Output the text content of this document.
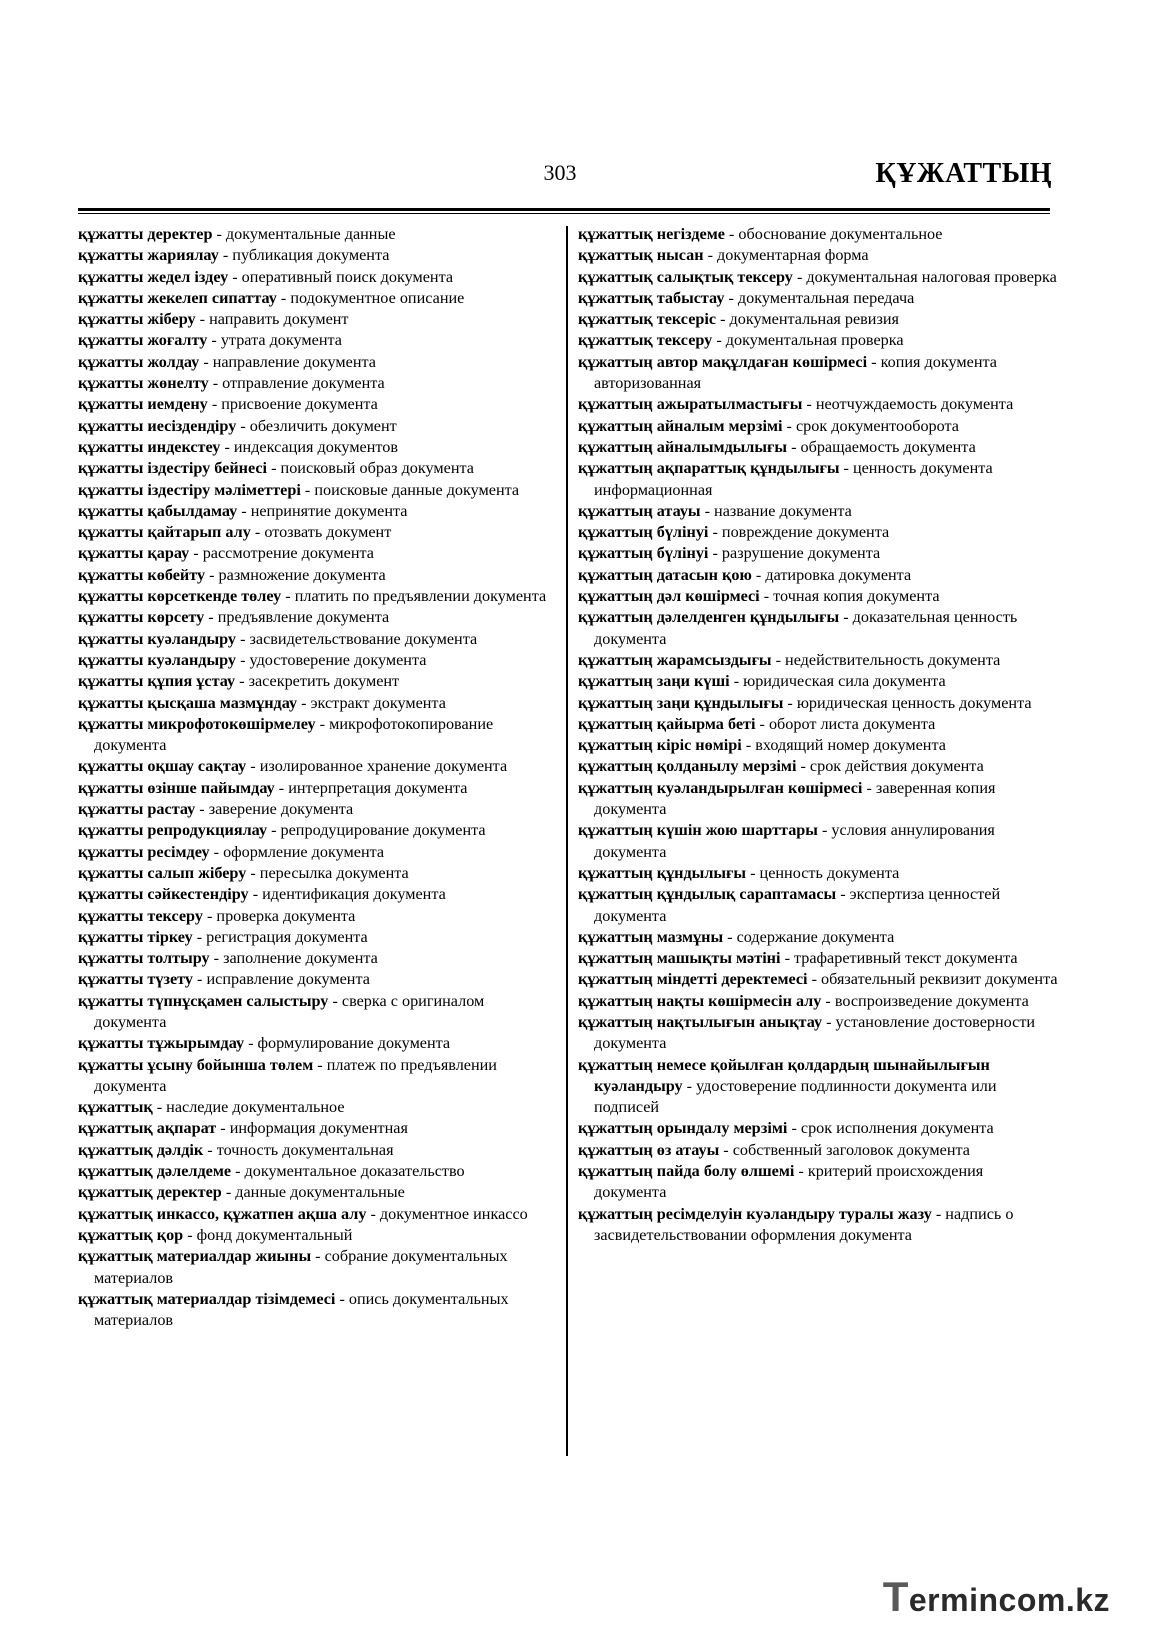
303	ҚҰЖАТТЫҢ

құжатты деректер - документальные данные

құжатты жариялау - публикация документа

құжатты жедел іздеу - оперативный поиск документа

құжатты жекелеп сипаттау - подокументное описание

құжатты жіберу - направить документ

құжатты жоғалту - утрата документа

құжатты жолдау - направление документа

құжатты жөнелту - отправление документа

құжатты иемдену - присвоение документа

құжатты иесіздендіру - обезличить документ

құжатты индекстеу - индексация документов

құжатты іздестіру бейнесі - поисковый образ документа

құжатты іздестіру мәліметтері - поисковые данные документа

құжатты қабылдамау - непринятие документа

құжатты қайтарып алу - отозвать документ

құжатты қарау - рассмотрение документа

құжатты көбейту - размножение документа

құжатты көрсеткенде төлеу - платить по предъявлении документа

құжатты көрсету - предъявление документа

құжатты куәландыру - засвидетельствование документа

құжатты куәландыру - удостоверение документа

құжатты құпия ұстау - засекретить документ

құжатты қысқаша мазмұндау - экстракт документа

құжатты микрофотокөшірмелеу - микрофотокопирование документа

құжатты оқшау сақтау - изолированное хранение документа

құжатты өзінше пайымдау - интерпретация документа

құжатты растау - заверение документа

құжатты репродукциялау - репродуцирование документа

құжатты ресімдеу - оформление документа

құжатты салып жіберу - пересылка документа

құжатты сәйкестендіру - идентификация документа

құжатты тексеру - проверка документа

құжатты тіркеу - регистрация документа

құжатты толтыру - заполнение документа

құжатты түзету - исправление документа

құжатты түпнұсқамен салыстыру - сверка с оригиналом документа

құжатты тұжырымдау - формулирование документа

құжатты ұсыну бойынша төлем - платеж по предъявлении документа

құжаттық - наследие документальное

құжаттық ақпарат - информация документная

құжаттық дәлдік - точность документальная

құжаттық дәлелдеме - документальное доказательство

құжаттық деректер - данные документальные

құжаттық инкассо, құжатпен ақша алу - документное инкассо

құжаттық қор - фонд документальный

құжаттық материалдар жиыны - собрание документальных материалов

құжаттық материалдар тізімдемесі - опись документальных материалов

құжаттық негіздеме - обоснование документальное

құжаттық нысан - документарная форма

құжаттық салықтық тексеру - документальная налоговая проверка

құжаттық табыстау - документальная передача

құжаттық тексеріс - документальная ревизия

құжаттық тексеру - документальная проверка

құжаттың автор мақұлдаған көшірмесі - копия документа авторизованная

құжаттың ажыратылмастығы - неотчуждаемость документа

құжаттың айналым мерзімі - срок документооборота

құжаттың айналымдылығы - обращаемость документа

құжаттың ақпараттық құндылығы - ценность документа информационная

құжаттың атауы - название документа

құжаттың бүлінуі - повреждение документа

құжаттың бүлінуі - разрушение документа

құжаттың датасын қою - датировка документа

құжаттың дәл көшірмесі - точная копия документа

құжаттың дәлелденген құндылығы - доказательная ценность документа

құжаттың жарамсыздығы - недействительность документа

құжаттың заңи күші - юридическая сила документа

құжаттың заңи құндылығы - юридическая ценность документа

құжаттың қайырма беті - оборот листа документа

құжаттың кіріс нөмірі - входящий номер документа

құжаттың қолданылу мерзімі - срок действия документа

құжаттың куәландырылған көшірмесі - заверенная копия документа

құжаттың күшін жою шарттары - условия аннулирования документа

құжаттың құндылығы - ценность документа

құжаттың құндылық сараптамасы - экспертиза ценностей документа

құжаттың мазмұны - содержание документа

құжаттың машықты мәтіні - трафаретивный текст документа

құжаттың міндетті деректемесі - обязательный реквизит документа

құжаттың нақты көшірмесін алу - воспроизведение документа

құжаттың нақтылығын анықтау - установление достоверности документа

құжаттың немесе қойылған қолдардың шынайылығын куәландыру - удостоверение подлинности документа или подписей

құжаттың орындалу мерзімі - срок исполнения документа

құжаттың өз атауы - собственный заголовок документа

құжаттың пайда болу өлшемі - критерий происхождения документа

құжаттың ресімделуін куәландыру туралы жазу - надпись о засвидетельствовании оформления документа

Termincom.kz
